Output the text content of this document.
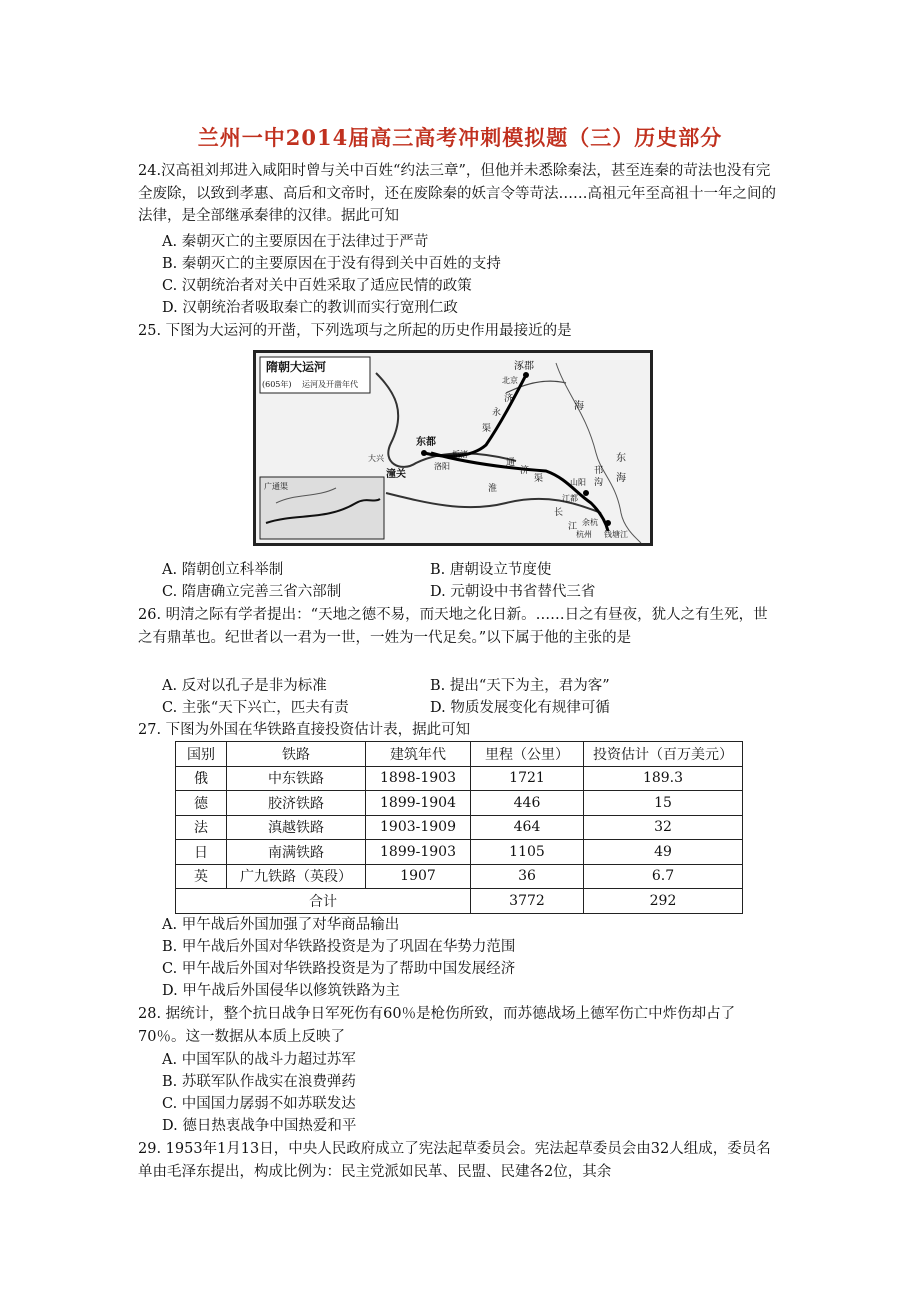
兰州一中2014届高三高考冲刺模拟题（三）历史部分
24.汉高祖刘邦进入咸阳时曾与关中百姓“约法三章”，但他并未悉除秦法，甚至连秦的苛法也没有完全废除，以致到孝惠、高后和文帝时，还在废除秦的妖言令等苛法……高祖元年至高祖十一年之间的法律，是全部继承秦律的汉律。据此可知
A. 秦朝灭亡的主要原因在于法律过于严苛
B. 秦朝灭亡的主要原因在于没有得到关中百姓的支持
C. 汉朝统治者对关中百姓采取了适应民情的政策
D. 汉朝统治者吸取秦亡的教训而实行宽刑仁政
25. 下图为大运河的开凿，下列选项与之所起的历史作用最接近的是
隋朝大运河
(605年) 运河及开凿年代
涿郡
北京
东都
洛阳
板渚
大兴
潼关
山阳
江都
余杭
杭州 钱塘江
济
永
渠
通
济
渠
淮
海
东
海
长
江
邗
沟
广通渠
A. 隋朝创立科举制	B. 唐朝设立节度使
C. 隋唐确立完善三省六部制	D. 元朝设中书省替代三省
26. 明清之际有学者提出：“天地之德不易，而天地之化日新。……日之有昼夜，犹人之有生死，世之有鼎革也。纪世者以一君为一世，一姓为一代足矣。”以下属于他的主张的是
A. 反对以孔子是非为标准	B. 提出“天下为主，君为客”
C. 主张“天下兴亡，匹夫有责	D. 物质发展变化有规律可循
27. 下图为外国在华铁路直接投资估计表，据此可知
国别	铁路	建筑年代	里程（公里）	投资估计（百万美元）
俄	中东铁路	1898-1903	1721	189.3
德	胶济铁路	1899-1904	446	15
法	滇越铁路	1903-1909	464	32
日	南满铁路	1899-1903	1105	49
英	广九铁路（英段）	1907	36	6.7
合计			3772	292
A. 甲午战后外国加强了对华商品输出
B. 甲午战后外国对华铁路投资是为了巩固在华势力范围
C. 甲午战后外国对华铁路投资是为了帮助中国发展经济
D. 甲午战后外国侵华以修筑铁路为主
28. 据统计，整个抗日战争日军死伤有60％是枪伤所致，而苏德战场上德军伤亡中炸伤却占了70％。这一数据从本质上反映了
A. 中国军队的战斗力超过苏军
B. 苏联军队作战实在浪费弹药
C. 中国国力孱弱不如苏联发达
D. 德日热衷战争中国热爱和平
29. 1953年1月13日，中央人民政府成立了宪法起草委员会。宪法起草委员会由32人组成，委员名单由毛泽东提出，构成比例为：民主党派如民革、民盟、民建各2位，其余
